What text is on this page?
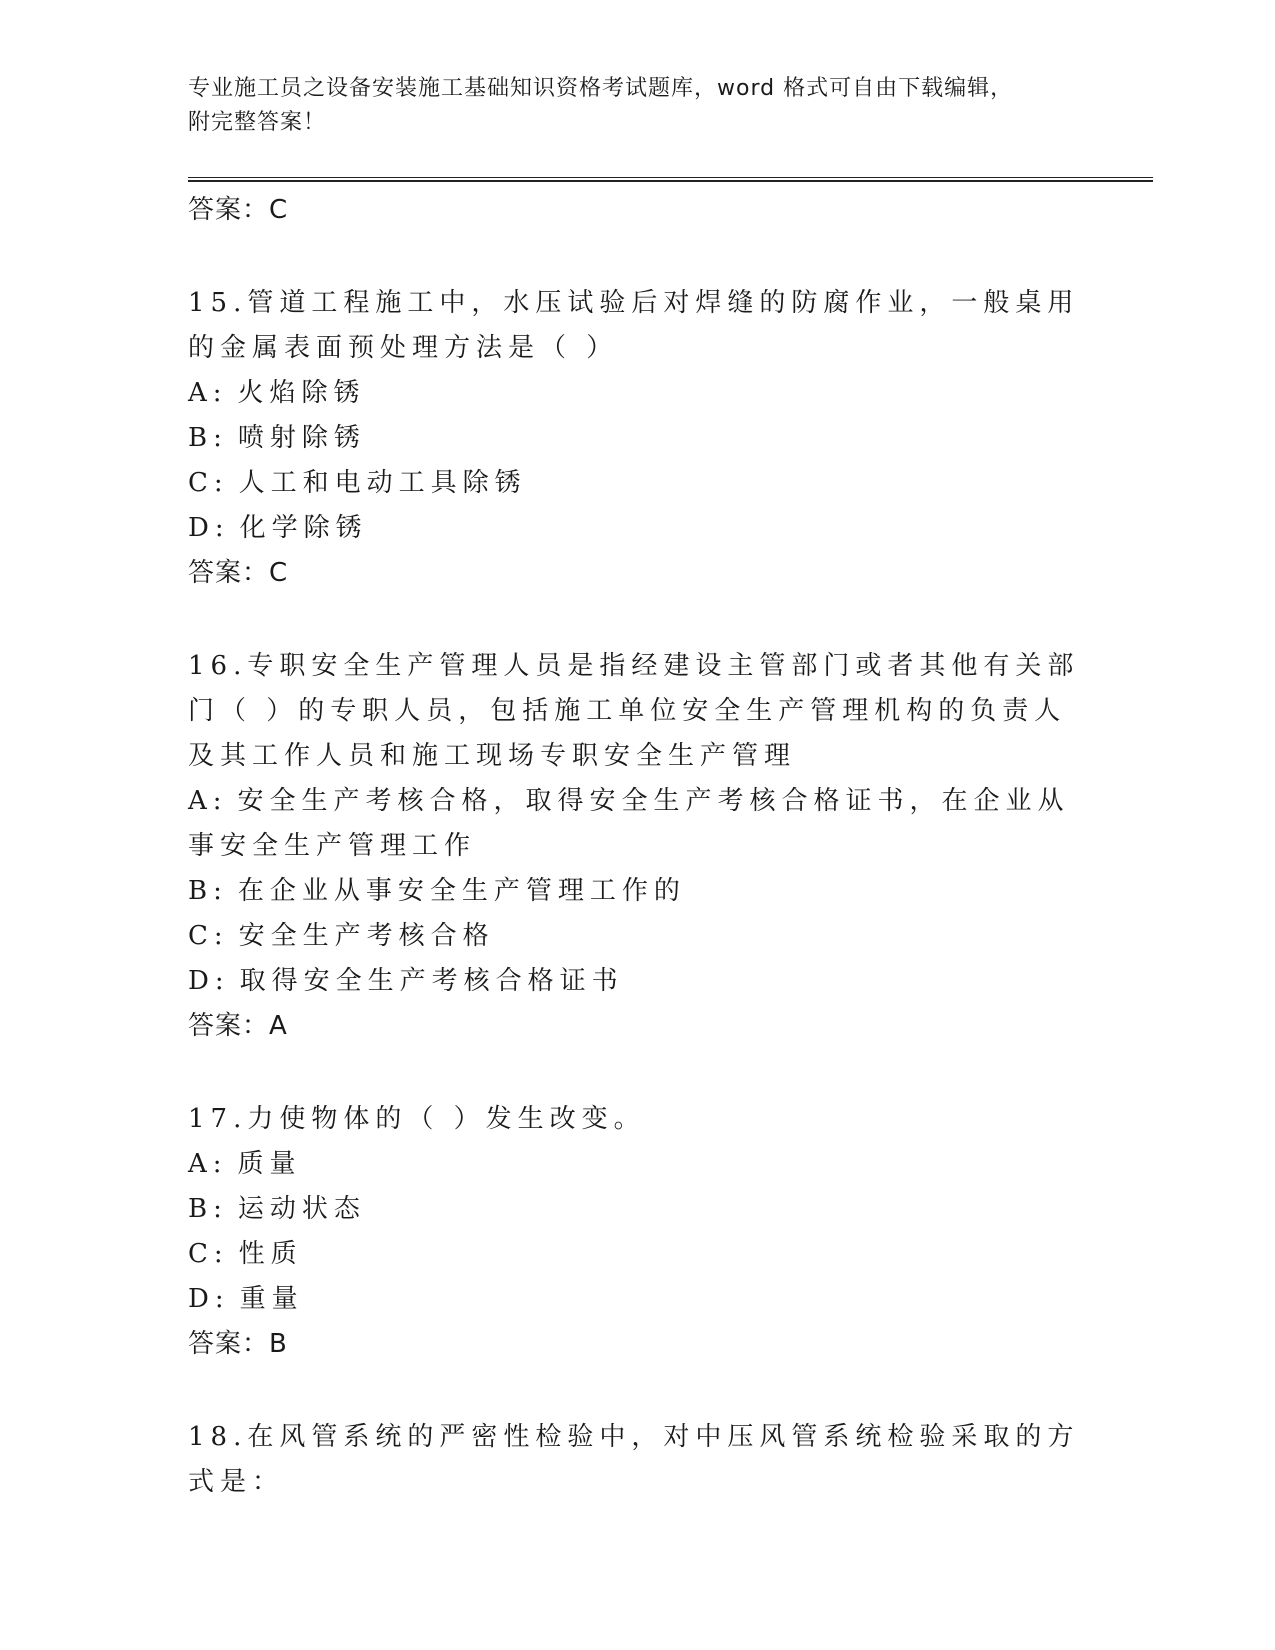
专业施工员之设备安装施工基础知识资格考试题库，word 格式可自由下载编辑，
附完整答案！
答案：C
15.管道工程施工中，水压试验后对焊缝的防腐作业，一般桌用的金属表面预处理方法是（ ）
A: 火焰除锈
B: 喷射除锈
C: 人工和电动工具除锈
D: 化学除锈
答案：C
16.专职安全生产管理人员是指经建设主管部门或者其他有关部门（ ）的专职人员，包括施工单位安全生产管理机构的负责人及其工作人员和施工现场专职安全生产管理
A: 安全生产考核合格，取得安全生产考核合格证书，在企业从事安全生产管理工作
B: 在企业从事安全生产管理工作的
C: 安全生产考核合格
D: 取得安全生产考核合格证书
答案：A
17.力使物体的（ ）发生改变。
A: 质量
B: 运动状态
C: 性质
D: 重量
答案：B
18.在风管系统的严密性检验中，对中压风管系统检验采取的方式是：
